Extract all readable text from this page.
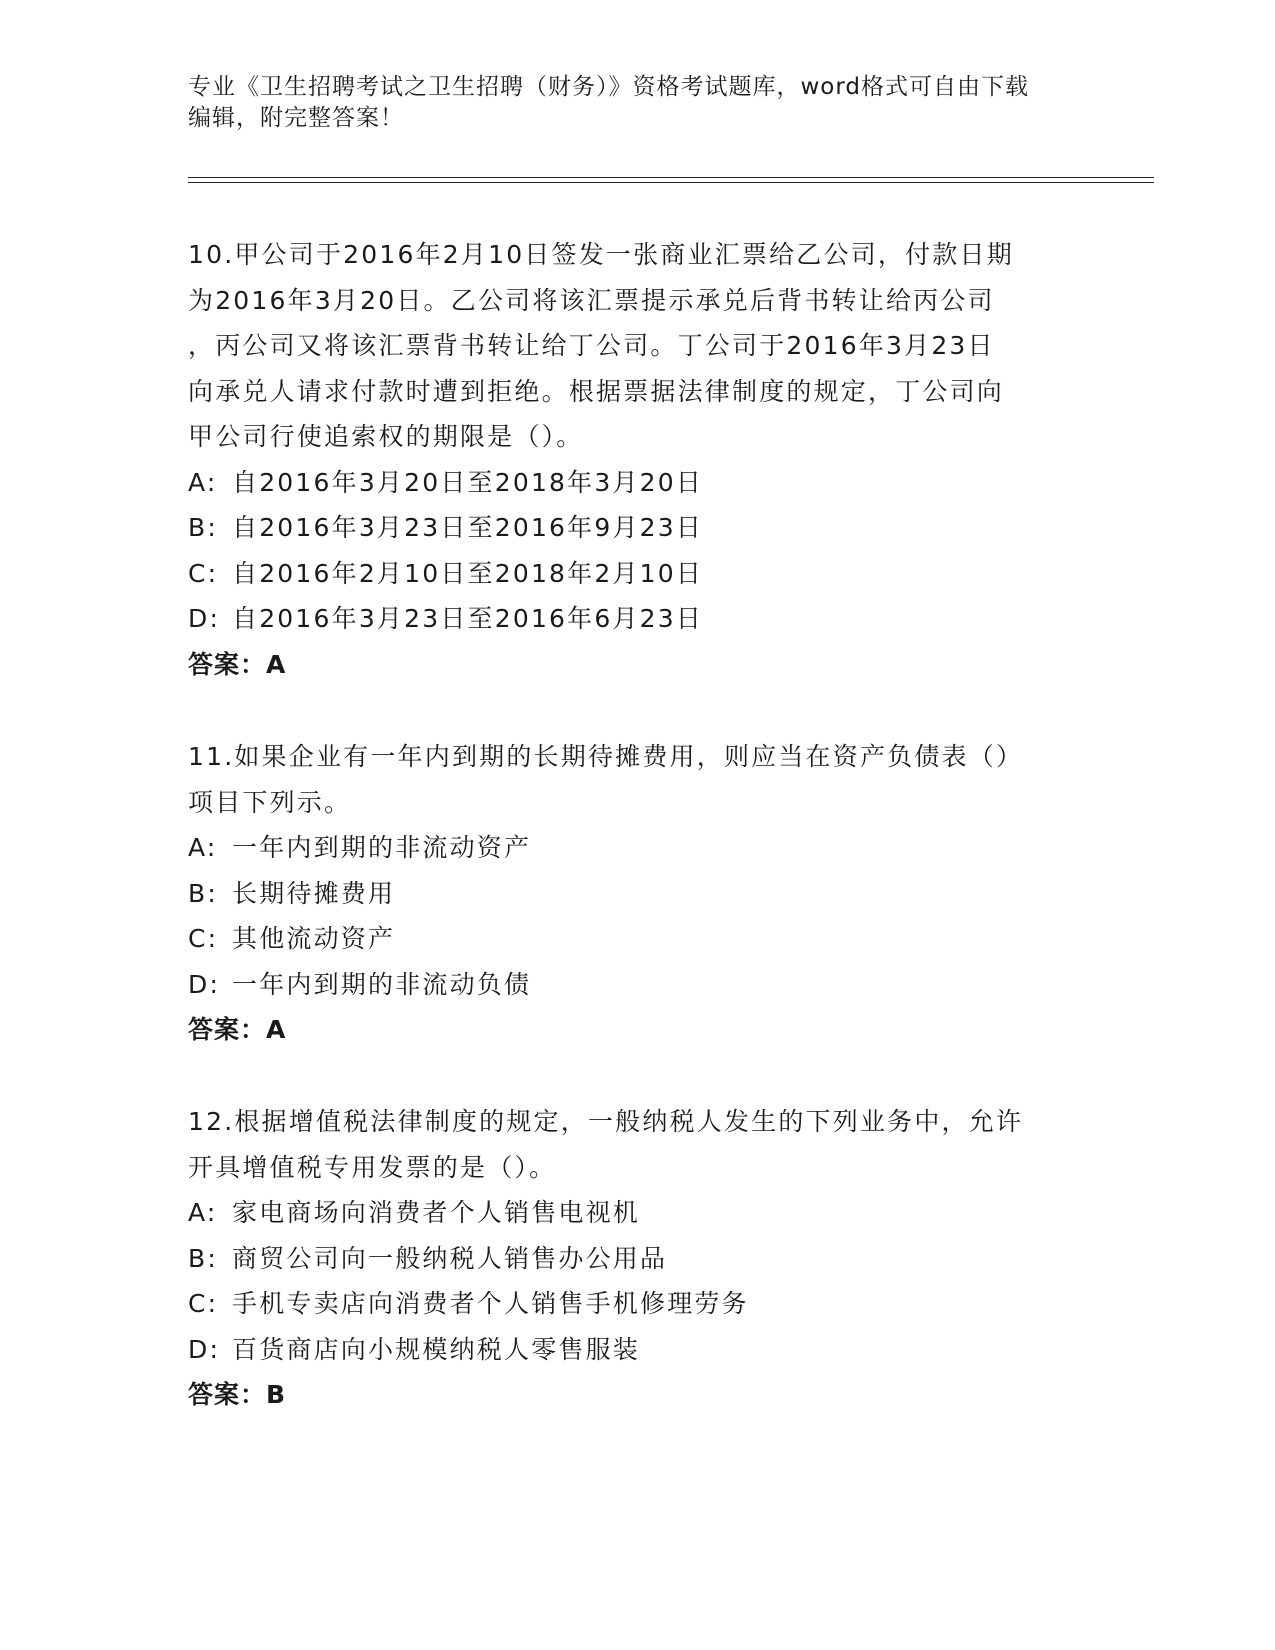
专业《卫生招聘考试之卫生招聘（财务）》资格考试题库，word格式可自由下载
编辑，附完整答案！
10.甲公司于2016年2月10日签发一张商业汇票给乙公司，付款日期
为2016年3月20日。乙公司将该汇票提示承兑后背书转让给丙公司
，丙公司又将该汇票背书转让给丁公司。丁公司于2016年3月23日
向承兑人请求付款时遭到拒绝。根据票据法律制度的规定，丁公司向
甲公司行使追索权的期限是（）。
A: 自2016年3月20日至2018年3月20日
B: 自2016年3月23日至2016年9月23日
C: 自2016年2月10日至2018年2月10日
D: 自2016年3月23日至2016年6月23日
答案：A
11.如果企业有一年内到期的长期待摊费用，则应当在资产负债表（）
项目下列示。
A: 一年内到期的非流动资产
B: 长期待摊费用
C: 其他流动资产
D: 一年内到期的非流动负债
答案：A
12.根据增值税法律制度的规定，一般纳税人发生的下列业务中，允许
开具增值税专用发票的是（）。
A: 家电商场向消费者个人销售电视机
B: 商贸公司向一般纳税人销售办公用品
C: 手机专卖店向消费者个人销售手机修理劳务
D: 百货商店向小规模纳税人零售服装
答案：B
